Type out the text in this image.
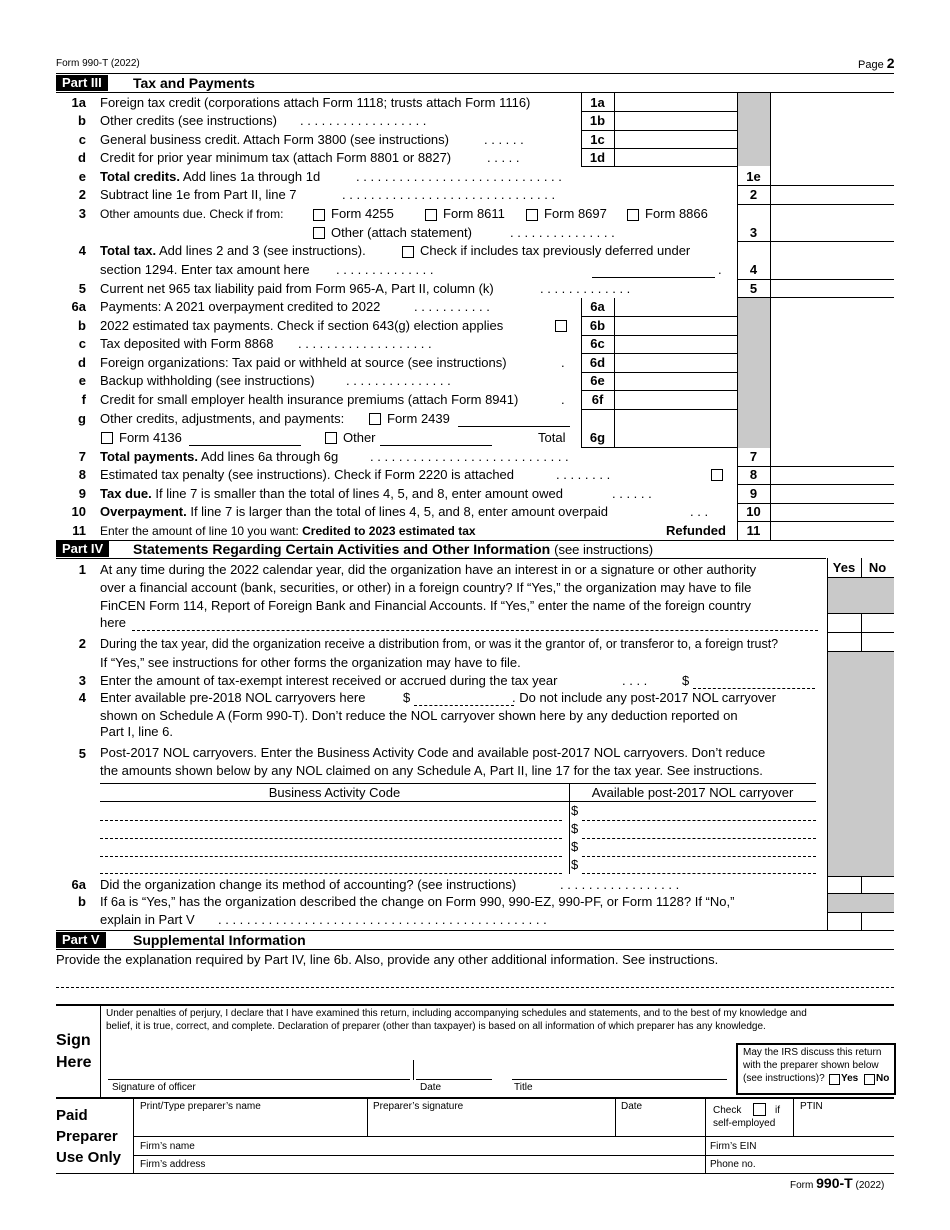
Form 990-T (2022)	Page 2
Part III	Tax and Payments
1a Foreign tax credit (corporations attach Form 1118; trusts attach Form 1116)	1a
b Other credits (see instructions) . . . . . . . . . . . . . . . . . .	1b
c General business credit. Attach Form 3800 (see instructions)	. . . . . .	1c
d Credit for prior year minimum tax (attach Form 8801 or 8827)	. . . . .	1d
e Total credits. Add lines 1a through 1d	. . . . . . . . . . . . . . . . . . . . . . . . . . . . .	1e
2 Subtract line 1e from Part II, line 7	. . . . . . . . . . . . . . . . . . . . . . . . . . . . . .	2
3 Other amounts due. Check if from:	Form 4255	Form 8611	Form 8697	Form 8866
Other (attach statement)	. . . . . . . . . . . . . . .	3
4 Total tax. Add lines 2 and 3 (see instructions).	Check if includes tax previously deferred under
section 1294. Enter tax amount here . . . . . . . . . . . . . .	.	4
5 Current net 965 tax liability paid from Form 965-A, Part II, column (k)	. . . . . . . . . . . . .	5
6a Payments: A 2021 overpayment credited to 2022	. . . . . . . . . . .	6a
b 2022 estimated tax payments. Check if section 643(g) election applies	6b
c Tax deposited with Form 8868 . . . . . . . . . . . . . . . . . . .	6c
d Foreign organizations: Tax paid or withheld at source (see instructions)	.	6d
e Backup withholding (see instructions) . . . . . . . . . . . . . . .	6e
f Credit for small employer health insurance premiums (attach Form 8941)	.	6f
g Other credits, adjustments, and payments:	Form 2439
Form 4136	Other	Total	6g
7 Total payments. Add lines 6a through 6g . . . . . . . . . . . . . . . . . . . . . . . . . . . .	7
8 Estimated tax penalty (see instructions). Check if Form 2220 is attached	. . . . . . . .	8
9 Tax due. If line 7 is smaller than the total of lines 4, 5, and 8, enter amount owed	. . . . . .	9
10 Overpayment. If line 7 is larger than the total of lines 4, 5, and 8, enter amount overpaid	. . .	10
11 Enter the amount of line 10 you want: Credited to 2023 estimated tax	Refunded	11
Part IV	Statements Regarding Certain Activities and Other Information (see instructions)
Yes	No
1 At any time during the 2022 calendar year, did the organization have an interest in or a signature or other authority
over a financial account (bank, securities, or other) in a foreign country? If “Yes,” the organization may have to file
FinCEN Form 114, Report of Foreign Bank and Financial Accounts. If “Yes,” enter the name of the foreign country
here
2 During the tax year, did the organization receive a distribution from, or was it the grantor of, or transferor to, a foreign trust?
If “Yes,” see instructions for other forms the organization may have to file.
3 Enter the amount of tax-exempt interest received or accrued during the tax year	. . . .	$
4 Enter available pre-2018 NOL carryovers here	$	. Do not include any post-2017 NOL carryover
shown on Schedule A (Form 990-T). Don’t reduce the NOL carryover shown here by any deduction reported on
Part I, line 6.
5 Post-2017 NOL carryovers. Enter the Business Activity Code and available post-2017 NOL carryovers. Don’t reduce
the amounts shown below by any NOL claimed on any Schedule A, Part II, line 17 for the tax year. See instructions.
Business Activity Code	Available post-2017 NOL carryover
$
$
$
$
6a Did the organization change its method of accounting? (see instructions)	. . . . . . . . . . . . . . . . .
b If 6a is “Yes,” has the organization described the change on Form 990, 990-EZ, 990-PF, or Form 1128? If “No,”
explain in Part V . . . . . . . . . . . . . . . . . . . . . . . . . . . . . . . . . . . . . . . . . . . . . .
Part V	Supplemental Information
Provide the explanation required by Part IV, line 6b. Also, provide any other additional information. See instructions.
Sign
Here
Under penalties of perjury, I declare that I have examined this return, including accompanying schedules and statements, and to the best of my knowledge and
belief, it is true, correct, and complete. Declaration of preparer (other than taxpayer) is based on all information of which preparer has any knowledge.
Signature of officer	Date	Title
May the IRS discuss this return
with the preparer shown below
(see instructions)? Yes No
Paid
Preparer
Use Only
Print/Type preparer’s name	Preparer’s signature	Date	Check	if
self-employed
PTIN
Firm’s name	Firm’s EIN
Firm’s address	Phone no.
Form 990-T (2022)
